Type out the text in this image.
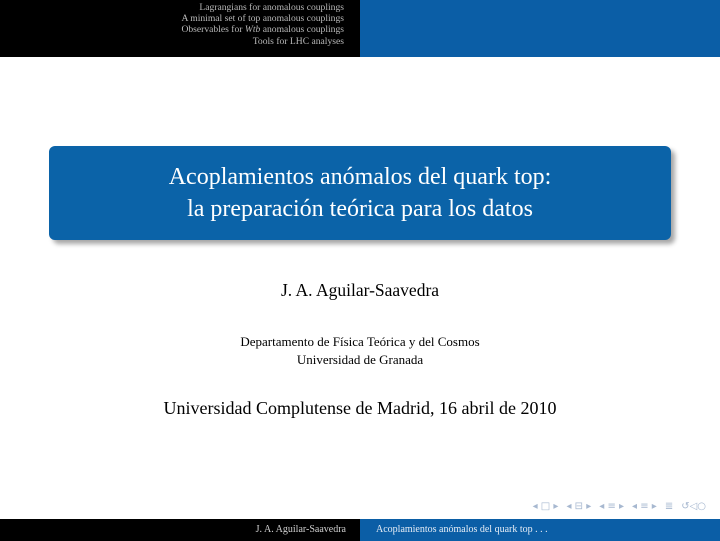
Lagrangians for anomalous couplings
A minimal set of top anomalous couplings
Observables for Wtb anomalous couplings
Tools for LHC analyses
Acoplamientos anómalos del quark top:
la preparación teórica para los datos
J. A. Aguilar-Saavedra
Departamento de Física Teórica y del Cosmos
Universidad de Granada
Universidad Complutense de Madrid, 16 abril de 2010
◂ □ ▸ ◂ ⊟ ▸ ◂ ≡ ▸ ◂ ≡ ▸ ≣ ↺◁○
J. A. Aguilar-Saavedra	Acoplamientos anómalos del quark top . . .
